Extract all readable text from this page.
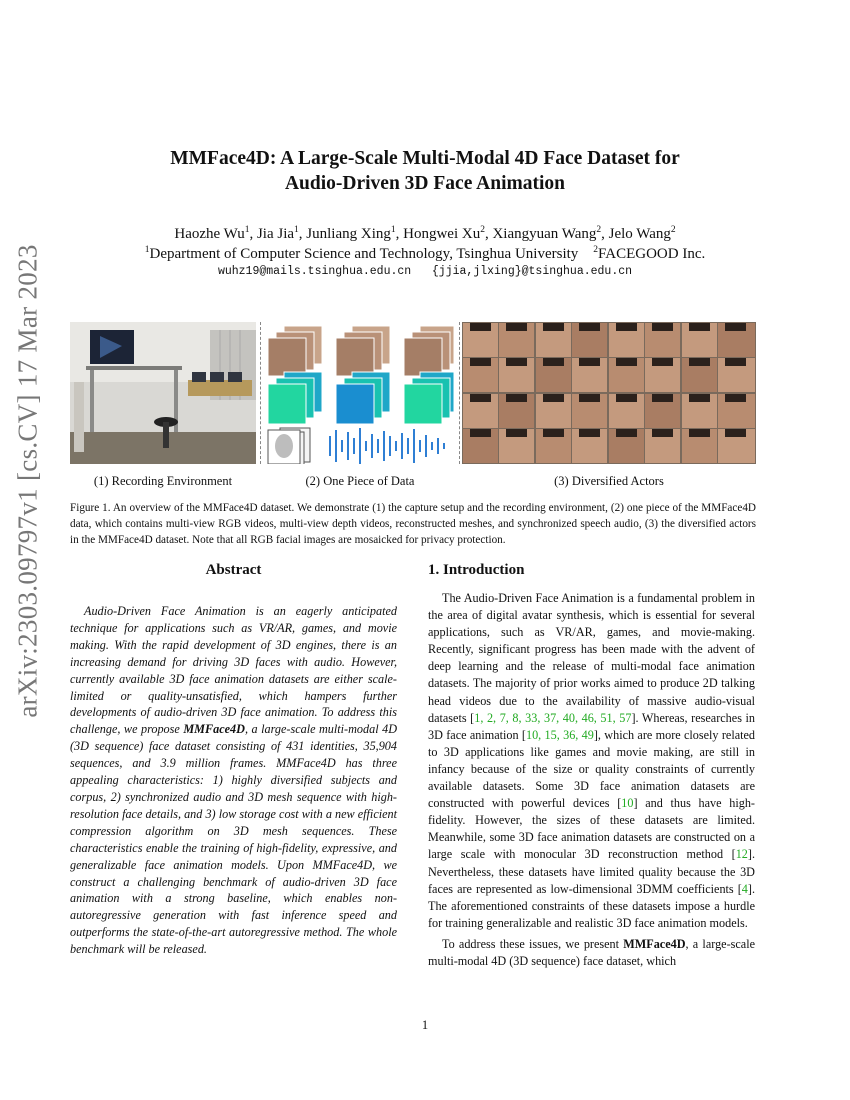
arXiv:2303.09797v1 [cs.CV] 17 Mar 2023
MMFace4D: A Large-Scale Multi-Modal 4D Face Dataset for
Audio-Driven 3D Face Animation
Haozhe Wu$^1$, Jia Jia$^1$, Junliang Xing$^1$, Hongwei Xu$^2$, Xiangyuan Wang$^2$, Jelo Wang$^2$
$^1$Department of Computer Science and Technology, Tsinghua University $^2$FACEGOOD Inc.
wuhz19@mails.tsinghua.edu.cn {jjia,jlxing}@tsinghua.edu.cn
(1) Recording Environment	(2) One Piece of Data	(3) Diversified Actors
Figure 1. An overview of the MMFace4D dataset. We demonstrate (1) the capture setup and the recording environment, (2) one piece of the MMFace4D data, which contains multi-view RGB videos, multi-view depth videos, reconstructed meshes, and synchronized speech audio, (3) the diversified actors in the MMFace4D dataset. Note that all RGB facial images are mosaicked for privacy protection.
Abstract
Audio-Driven Face Animation is an eagerly anticipated technique for applications such as VR/AR, games, and movie making. With the rapid development of 3D engines, there is an increasing demand for driving 3D faces with audio. However, currently available 3D face animation datasets are either scale-limited or quality-unsatisfied, which hampers further developments of audio-driven 3D face animation. To address this challenge, we propose MMFace4D, a large-scale multi-modal 4D (3D sequence) face dataset consisting of 431 identities, 35,904 sequences, and 3.9 million frames. MMFace4D has three appealing characteristics: 1) highly diversified subjects and corpus, 2) synchronized audio and 3D mesh sequence with high-resolution face details, and 3) low storage cost with a new efficient compression algorithm on 3D mesh sequences. These characteristics enable the training of high-fidelity, expressive, and generalizable face animation models. Upon MMFace4D, we construct a challenging benchmark of audio-driven 3D face animation with a strong baseline, which enables non-autoregressive generation with fast inference speed and outperforms the state-of-the-art autoregressive method. The whole benchmark will be released.
1. Introduction

The Audio-Driven Face Animation is a fundamental problem in the area of digital avatar synthesis, which is essential for several applications, such as VR/AR, games, and movie-making. Recently, significant progress has been made with the advent of deep learning and the release of multi-modal face animation datasets. The majority of prior works aimed to produce 2D talking head videos due to the availability of massive audio-visual datasets [1, 2, 7, 8, 33, 37, 40, 46, 51, 57]. Whereas, researches in 3D face animation [10, 15, 36, 49], which are more closely related to 3D applications like games and movie making, are still in infancy because of the size or quality constraints of currently available datasets. Some 3D face animation datasets are constructed with powerful devices [10] and thus have high-fidelity. However, the sizes of these datasets are limited. Meanwhile, some 3D face animation datasets are constructed on a large scale with monocular 3D reconstruction method [12]. Nevertheless, these datasets have limited quality because the 3D faces are represented as low-dimensional 3DMM coefficients [4]. The aforementioned constraints of these datasets impose a hurdle for training generalizable and realistic 3D face animation models.

To address these issues, we present MMFace4D, a large-scale multi-modal 4D (3D sequence) face dataset, which

1
